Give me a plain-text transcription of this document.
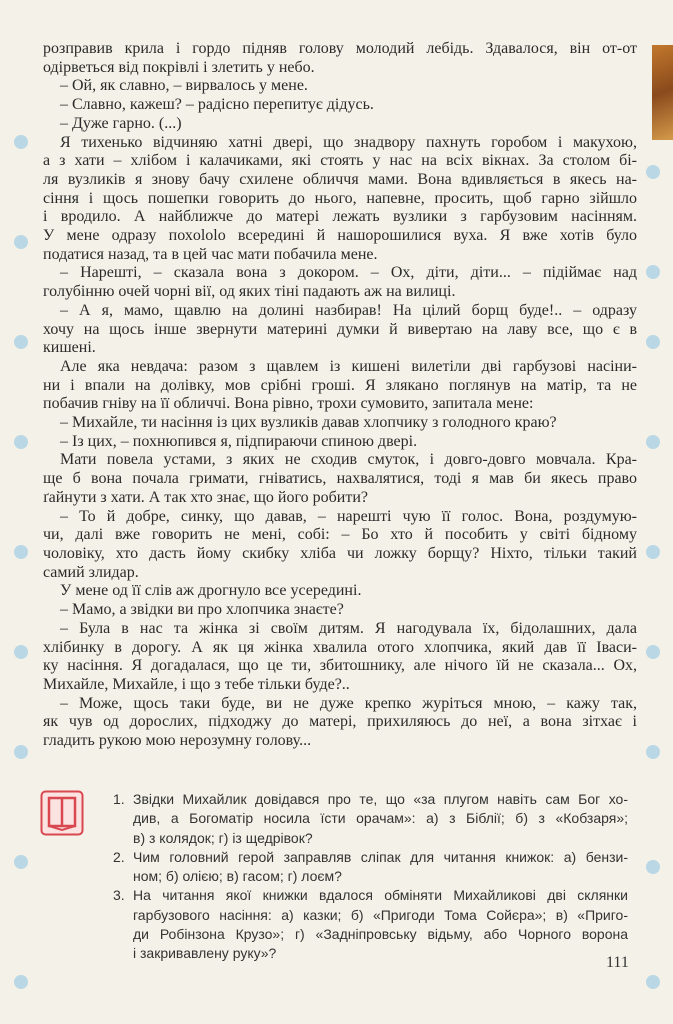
розправив крила і гордо підняв голову молодий лебідь. Здавалося, він от-от
одірветься від покрівлі і злетить у небо.
– Ой, як славно, – вирвалось у мене.
– Славно, кажеш? – радісно перепитує дідусь.
– Дуже гарно. (...)
Я тихенько відчиняю хатні двері, що знадвору пахнуть горобом і макухою,
а з хати – хлібом і калачиками, які стоять у нас на всіх вікнах. За столом бі-
ля вузликів я знову бачу схилене обличчя мами. Вона вдивляється в якесь на-
сіння і щось пошепки говорить до нього, напевне, просить, щоб гарно зійшло
і вродило. А найближче до матері лежать вузлики з гарбузовим насінням.
У мене одразу похololо всередині й нашорошилися вуха. Я вже хотів було
податися назад, та в цей час мати побачила мене.
– Нарешті, – сказала вона з докором. – Ох, діти, діти... – підіймає над
голубінню очей чорні вії, од яких тіні падають аж на вилиці.
– А я, мамо, щавлю на долині назбирав! На цілий борщ буде!.. – одразу
хочу на щось інше звернути материні думки й вивертаю на лаву все, що є в
кишені.
Але яка невдача: разом з щавлем із кишені вилетіли дві гарбузові насіни-
ни і впали на долівку, мов срібні гроші. Я злякано поглянув на матір, та не
побачив гніву на її обличчі. Вона рівно, трохи сумовито, запитала мене:
– Михайле, ти насіння із цих вузликів давав хлопчику з голодного краю?
– Із цих, – похнюпився я, підпираючи спиною двері.
Мати повела устами, з яких не сходив смуток, і довго-довго мовчала. Кра-
ще б вона почала гримати, гніватись, нахвалятися, тоді я мав би якесь право
ґайнути з хати. А так хто знає, що його робити?
– То й добре, синку, що давав, – нарешті чую її голос. Вона, роздумую-
чи, далі вже говорить не мені, собі: – Бо хто й пособить у світі бідному
чоловіку, хто дасть йому скибку хліба чи ложку борщу? Ніхто, тільки такий
самий злидар.
У мене од її слів аж дрогнуло все усередині.
– Мамо, а звідки ви про хлопчика знаєте?
– Була в нас та жінка зі своїм дитям. Я нагодувала їх, бідолашних, дала
хлібинку в дорогу. А як ця жінка хвалила отого хлопчика, який дав її Іваси-
ку насіння. Я догадалася, що це ти, збитошнику, але нічого їй не сказала... Ох,
Михайле, Михайле, і що з тебе тільки буде?..
– Може, щось таки буде, ви не дуже крепко журіться мною, – кажу так,
як чув од дорослих, підходжу до матері, прихиляюсь до неї, а вона зітхає і
гладить рукою мою нерозумну голову...
1. Звідки Михайлик довідався про те, що «за плугом навіть сам Бог хо-
див, а Богоматір носила їсти орачам»: а) з Біблії; б) з «Кобзаря»;
в) з колядок; г) із щедрівок?
2. Чим головний герой заправляв сліпак для читання книжок: а) бензи-
ном; б) олією; в) гасом; г) лоєм?
3. На читання якої книжки вдалося обміняти Михайликові дві склянки
гарбузового насіння: а) казки; б) «Пригоди Тома Сойєра»; в) «Приго-
ди Робінзона Крузо»; г) «Задніпровську відьму, або Чорного ворона
і закривавлену руку»?
111
